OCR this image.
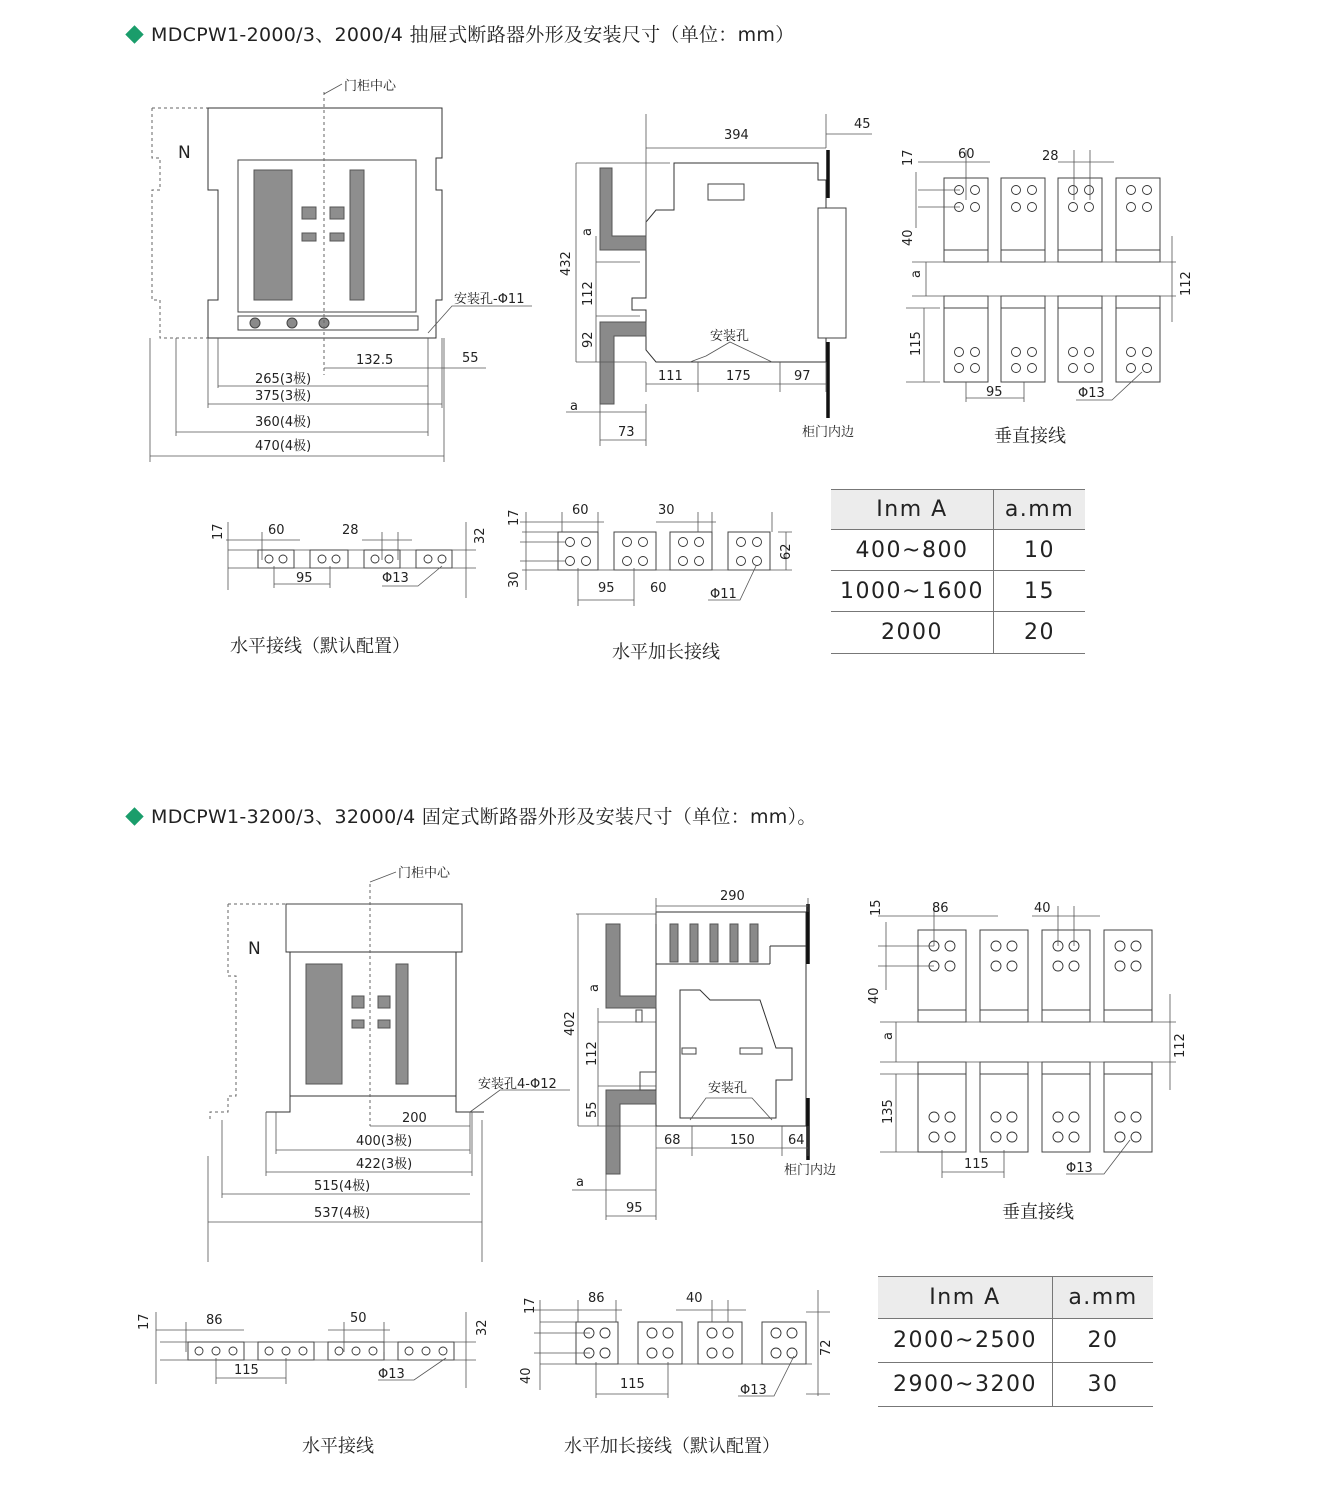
MDCPW1-2000/3、2000/4 抽屉式断路器外形及安装尺寸（单位：mm）
MDCPW1-3200/3、32000/4 固定式断路器外形及安装尺寸（单位：mm）。
门柜中心
N
安装孔-Φ11
132.5	55
265(3极)
375(3极)
360(4极)
470(4极)
394
45
432
a
112
92	安装孔
111	175	97
a
73	柜门内边
17	60	28
40
a	112
115
95	Φ13
垂直接线
17	60	28	32
95	Φ13
水平接线（默认配置）
17	60	30
30
62
95	60	Φ11
水平加长接线
门柜中心
N
安装孔4-Φ12
200
400(3极)
422(3极)
515(4极)
537(4极)
290
402
a
112
55
安装孔
68	150	64
柜门内边
a
95
15	86	40
40
a	112
135
115	Φ13
垂直接线
17	86	50
32
115	Φ13
水平接线
17	86	40
40
72
115	Φ13
水平加长接线（默认配置）
Inm A	a.mm
400~800	10
1000~1600	15
2000	20
Inm A	a.mm
2000~2500	20
2900~3200	30
